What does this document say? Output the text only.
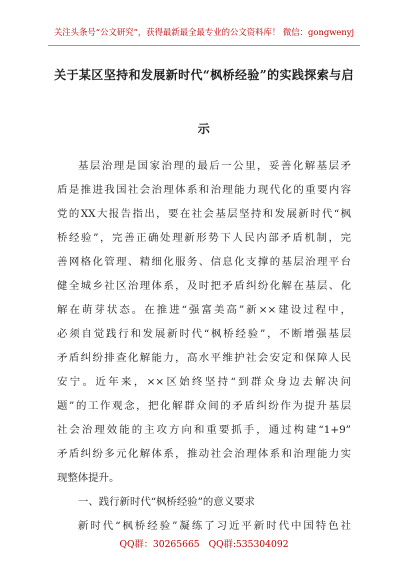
关注头条号“公文研究”，获得最新最全最专业的公文资料库！ 微信：gongwenyj
关于某区坚持和发展新时代“枫桥经验”的实践探索与启
示
基层治理是国家治理的最后一公里，妥善化解基层矛
盾是推进我国社会治理体系和治理能力现代化的重要内容
党的XX大报告指出，要在社会基层坚持和发展新时代“枫
桥经验”，完善正确处理新形势下人民内部矛盾机制，完
善网格化管理、精细化服务、信息化支撑的基层治理平台
健全城乡社区治理体系，及时把矛盾纠纷化解在基层、化
解在萌芽状态。在推进“强富美高”新××建设过程中，
必须自觉践行和发展新时代“枫桥经验”，不断增强基层
矛盾纠纷排查化解能力，高水平维护社会安定和保障人民
安宁。近年来，××区始终坚持“到群众身边去解决问
题”的工作观念，把化解群众间的矛盾纠纷作为提升基层
社会治理效能的主攻方向和重要抓手，通过构建“1+9”
矛盾纠纷多元化解体系，推动社会治理体系和治理能力实
现整体提升。
一、践行新时代“枫桥经验”的意义要求
新时代“枫桥经验”凝练了习近平新时代中国特色社
QQ群：30265665 QQ群:535304092
